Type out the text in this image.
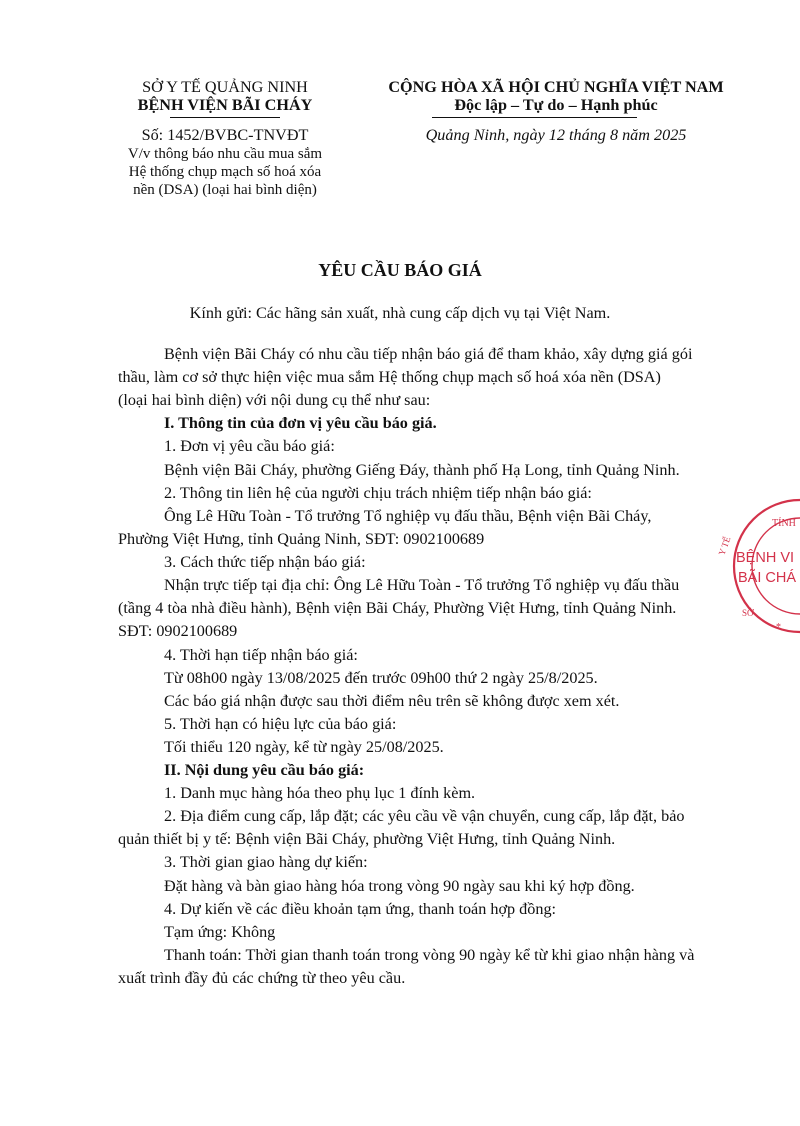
SỞ Y TẾ QUẢNG NINH
BỆNH VIỆN BÃI CHÁY
Số: 1452/BVBC-TNVĐT
V/v thông báo nhu cầu mua sắm Hệ thống chụp mạch số hoá xóa nền (DSA) (loại hai bình diện)
CỘNG HÒA XÃ HỘI CHỦ NGHĨA VIỆT NAM
Độc lập – Tự do – Hạnh phúc
Quảng Ninh, ngày 12 tháng 8 năm 2025
YÊU CẦU BÁO GIÁ
Kính gửi: Các hãng sản xuất, nhà cung cấp dịch vụ tại Việt Nam.
Bệnh viện Bãi Cháy có nhu cầu tiếp nhận báo giá để tham khảo, xây dựng giá gói
thầu, làm cơ sở thực hiện việc mua sắm Hệ thống chụp mạch số hoá xóa nền (DSA)
(loại hai bình diện) với nội dung cụ thể như sau:
I. Thông tin của đơn vị yêu cầu báo giá.
1. Đơn vị yêu cầu báo giá:
Bệnh viện Bãi Cháy, phường Giếng Đáy, thành phố Hạ Long, tỉnh Quảng Ninh.
2. Thông tin liên hệ của người chịu trách nhiệm tiếp nhận báo giá:
Ông Lê Hữu Toàn - Tổ trưởng Tổ nghiệp vụ đấu thầu, Bệnh viện Bãi Cháy,
Phường Việt Hưng, tỉnh Quảng Ninh, SĐT: 0902100689
3. Cách thức tiếp nhận báo giá:
Nhận trực tiếp tại địa chỉ: Ông Lê Hữu Toàn - Tổ trưởng Tổ nghiệp vụ đấu thầu
(tầng 4 tòa nhà điều hành), Bệnh viện Bãi Cháy, Phường Việt Hưng, tỉnh Quảng Ninh.
SĐT: 0902100689
4. Thời hạn tiếp nhận báo giá:
Từ 08h00 ngày 13/08/2025 đến trước 09h00 thứ 2 ngày 25/8/2025.
Các báo giá nhận được sau thời điểm nêu trên sẽ không được xem xét.
5. Thời hạn có hiệu lực của báo giá:
Tối thiểu 120 ngày, kể từ ngày 25/08/2025.
II. Nội dung yêu cầu báo giá:
1. Danh mục hàng hóa theo phụ lục 1 đính kèm.
2. Địa điểm cung cấp, lắp đặt; các yêu cầu về vận chuyển, cung cấp, lắp đặt, bảo
quản thiết bị y tế: Bệnh viện Bãi Cháy, phường Việt Hưng, tỉnh Quảng Ninh.
3. Thời gian giao hàng dự kiến:
Đặt hàng và bàn giao hàng hóa trong vòng 90 ngày sau khi ký hợp đồng.
4. Dự kiến về các điều khoản tạm ứng, thanh toán hợp đồng:
Tạm ứng: Không
Thanh toán: Thời gian thanh toán trong vòng 90 ngày kể từ khi giao nhận hàng và
xuất trình đầy đủ các chứng từ theo yêu cầu.
TỈNH
Y TẾ
SỞ
*
BỆNH VI
BÃI CHÁ
